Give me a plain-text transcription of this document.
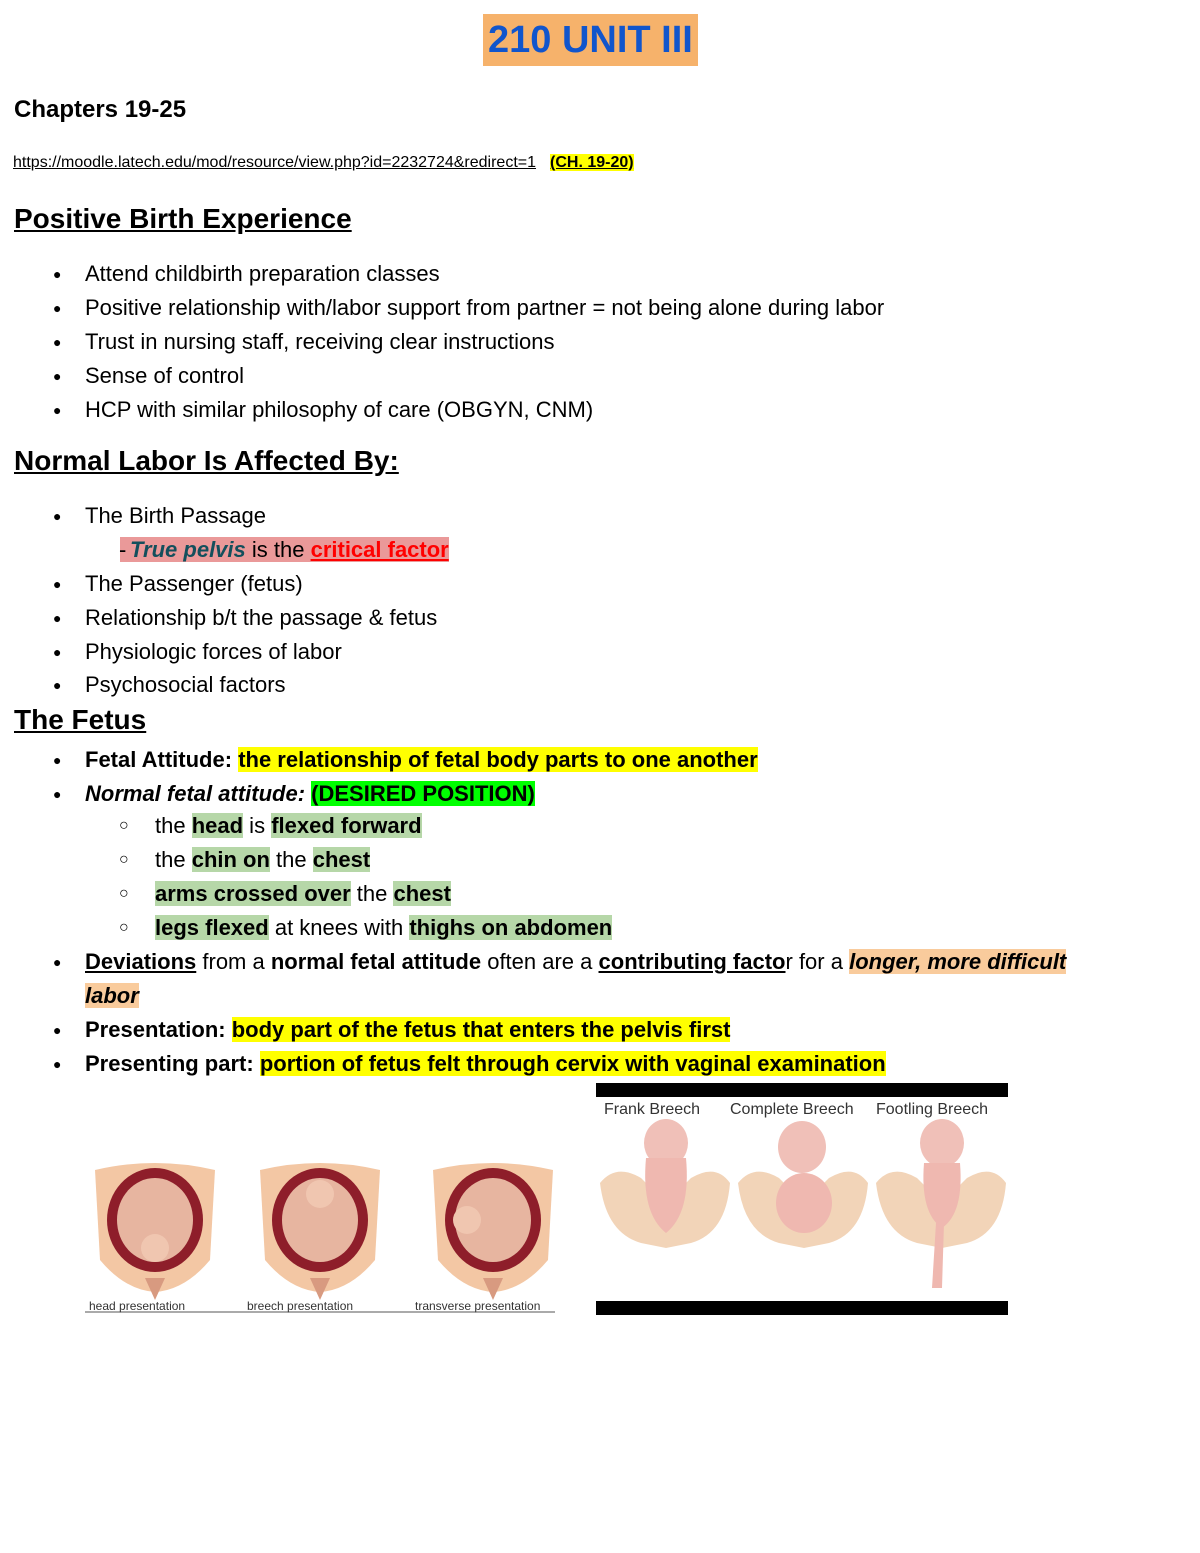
210 UNIT III
Chapters 19-25
https://moodle.latech.edu/mod/resource/view.php?id=2232724&redirect=1 (CH. 19-20)
Positive Birth Experience
● Attend childbirth preparation classes
● Positive relationship with/labor support from partner = not being alone during labor
● Trust in nursing staff, receiving clear instructions
● Sense of control
● HCP with similar philosophy of care (OBGYN, CNM)
Normal Labor Is Affected By:
● The Birth Passage
- True pelvis is the critical factor
● The Passenger (fetus)
● Relationship b/t the passage & fetus
● Physiologic forces of labor
● Psychosocial factors
The Fetus
● Fetal Attitude: the relationship of fetal body parts to one another
● Normal fetal attitude: (DESIRED POSITION)
○ the head is flexed forward
○ the chin on the chest
○ arms crossed over the chest
○ legs flexed at knees with thighs on abdomen
● Deviations from a normal fetal attitude often are a contributing factor for a longer, more difficult labor
● Presentation: body part of the fetus that enters the pelvis first
● Presenting part: portion of fetus felt through cervix with vaginal examination
head presentation	breech presentation	transverse presentation
Frank Breech Complete Breech Footling Breech
